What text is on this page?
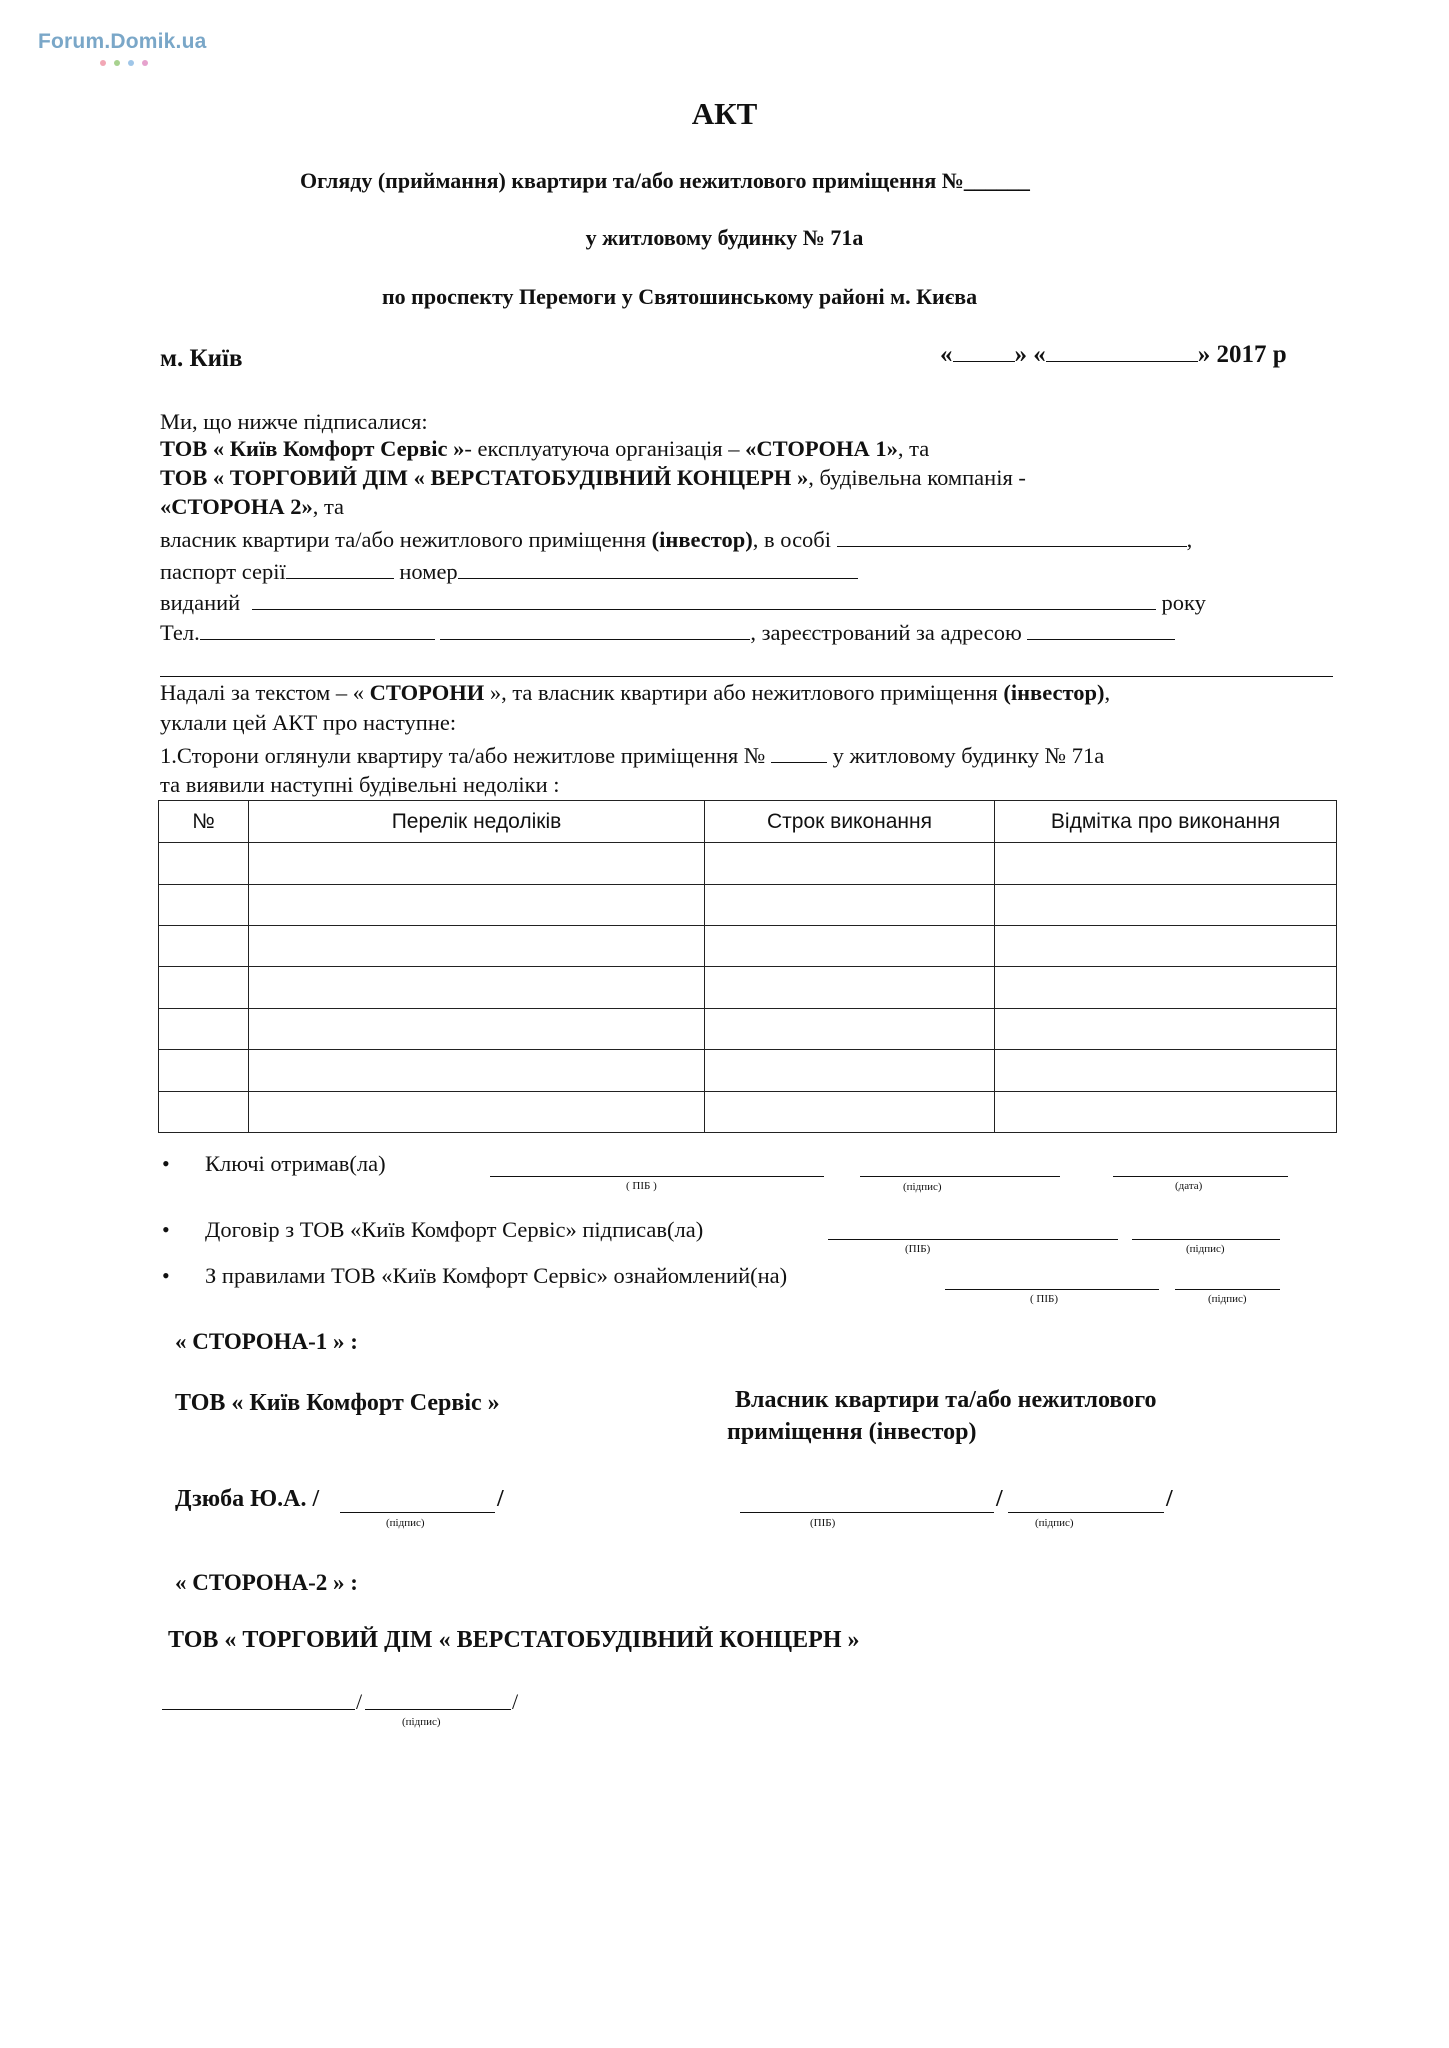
Forum.Domik.ua
АКТ
Огляду (приймання) квартири та/або нежитлового приміщення №______
у житловому будинку № 71а
по проспекту Перемоги у Святошинському районі м. Києва
м. Київ	« » «	» 2017 р
Ми, що нижче підписалися:
ТОВ « Київ Комфорт Сервіс »- експлуатуюча організація – «СТОРОНА 1», та
ТОВ « ТОРГОВИЙ ДІМ « ВЕРСТАТОБУДІВНИЙ КОНЦЕРН », будівельна компанія -
«СТОРОНА 2», та
власник квартири та/або нежитлового приміщення (інвестор), в особі	,
паспорт серії	номер
виданий	року
Тел.	, зареєстрований за адресою
Надалі за текстом – « СТОРОНИ », та власник квартири або нежитлового приміщення (інвестор),
уклали цей АКТ про наступне:
1.Сторони оглянули квартиру та/або нежитлове приміщення №	у житловому будинку № 71а
та виявили наступні будівельні недоліки :
№	Перелік недоліків	Строк виконання	Відмітка про виконання

• Ключі отримав(ла)
( ПІБ )	(підпис)	(дата)
• Договір з ТОВ «Київ Комфорт Сервіс» підписав(ла)
(ПІБ)	(підпис)
• З правилами ТОВ «Київ Комфорт Сервіс» ознайомлений(на)
( ПІБ)	(підпис)
« СТОРОНА-1 » :
ТОВ « Київ Комфорт Сервіс »	Власник квартири та/або нежитлового
приміщення (інвестор)
Дзюба Ю.А. /	/
(підпис)
/	/
(ПІБ)	(підпис)
« СТОРОНА-2 » :
ТОВ « ТОРГОВИЙ ДІМ « ВЕРСТАТОБУДІВНИЙ КОНЦЕРН »
/	/
(підпис)
